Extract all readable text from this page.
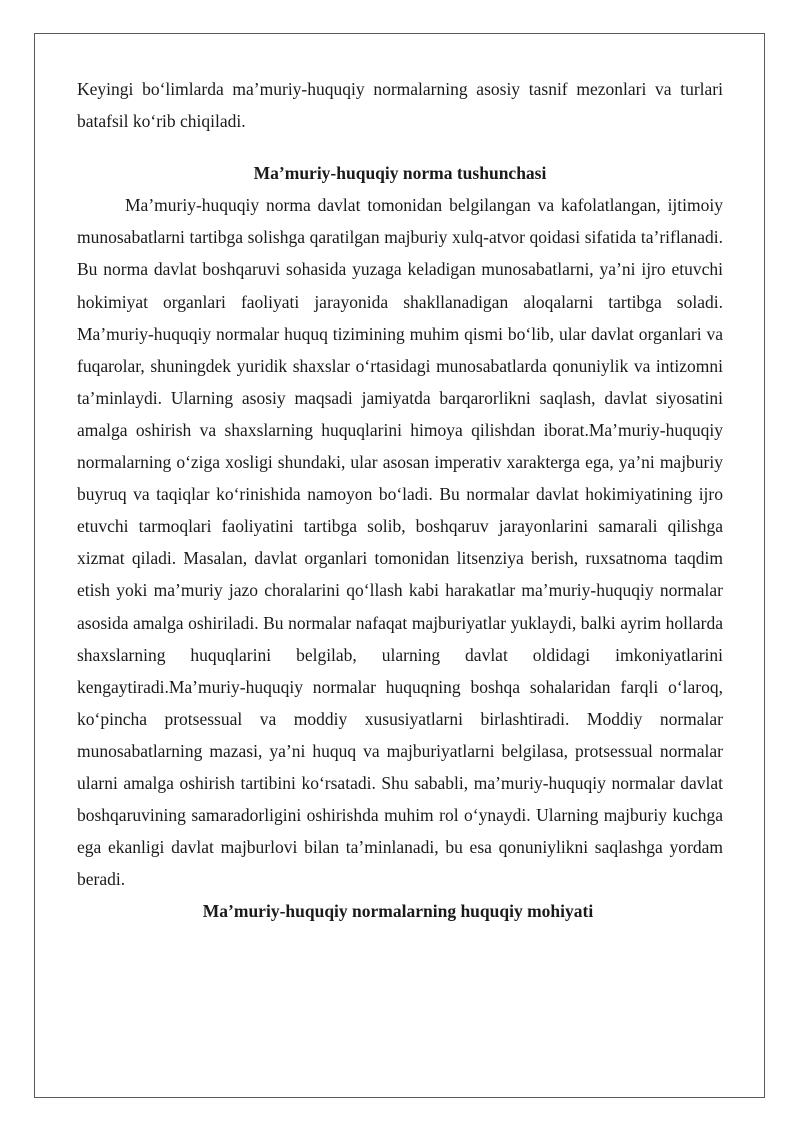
Keyingi bo‘limlarda ma’muriy-huquqiy normalarning asosiy tasnif mezonlari va turlari batafsil ko‘rib chiqiladi.

Ma’muriy-huquqiy norma tushunchasi

Ma’muriy-huquqiy norma davlat tomonidan belgilangan va kafolatlangan, ijtimoiy munosabatlarni tartibga solishga qaratilgan majburiy xulq-atvor qoidasi sifatida ta’riflanadi. Bu norma davlat boshqaruvi sohasida yuzaga keladigan munosabatlarni, ya’ni ijro etuvchi hokimiyat organlari faoliyati jarayonida shakllanadigan aloqalarni tartibga soladi. Ma’muriy-huquqiy normalar huquq tizimining muhim qismi bo‘lib, ular davlat organlari va fuqarolar, shuningdek yuridik shaxslar o‘rtasidagi munosabatlarda qonuniylik va intizomni ta’minlaydi. Ularning asosiy maqsadi jamiyatda barqarorlikni saqlash, davlat siyosatini amalga oshirish va shaxslarning huquqlarini himoya qilishdan iborat.Ma’muriy-huquqiy normalarning o‘ziga xosligi shundaki, ular asosan imperativ xarakterga ega, ya’ni majburiy buyruq va taqiqlar ko‘rinishida namoyon bo‘ladi. Bu normalar davlat hokimiyatining ijro etuvchi tarmoqlari faoliyatini tartibga solib, boshqaruv jarayonlarini samarali qilishga xizmat qiladi. Masalan, davlat organlari tomonidan litsenziya berish, ruxsatnoma taqdim etish yoki ma’muriy jazo choralarini qo‘llash kabi harakatlar ma’muriy-huquqiy normalar asosida amalga oshiriladi. Bu normalar nafaqat majburiyatlar yuklaydi, balki ayrim hollarda shaxslarning huquqlarini belgilab, ularning davlat oldidagi imkoniyatlarini kengaytiradi.Ma’muriy-huquqiy normalar huquqning boshqa sohalaridan farqli o‘laroq, ko‘pincha protsessual va moddiy xususiyatlarni birlashtiradi. Moddiy normalar munosabatlarning mazasi, ya’ni huquq va majburiyatlarni belgilasa, protsessual normalar ularni amalga oshirish tartibini ko‘rsatadi. Shu sababli, ma’muriy-huquqiy normalar davlat boshqaruvining samaradorligini oshirishda muhim rol o‘ynaydi. Ularning majburiy kuchga ega ekanligi davlat majburlovi bilan ta’minlanadi, bu esa qonuniylikni saqlashga yordam beradi.

Ma’muriy-huquqiy normalarning huquqiy mohiyati
